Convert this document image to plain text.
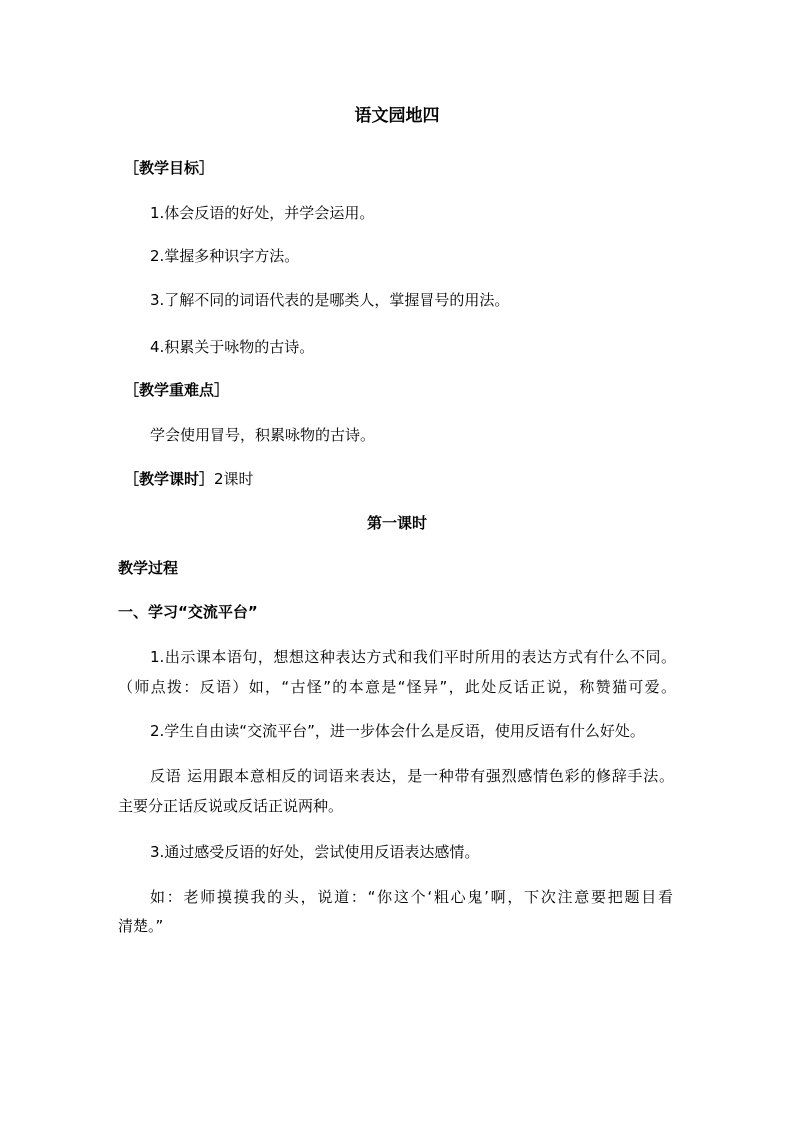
语文园地四
［教学目标］
1.体会反语的好处，并学会运用。
2.掌握多种识字方法。
3.了解不同的词语代表的是哪类人，掌握冒号的用法。
4.积累关于咏物的古诗。
［教学重难点］
学会使用冒号，积累咏物的古诗。
［教学课时］2课时
第一课时
教学过程
一、学习“交流平台”
1.出示课本语句，想想这种表达方式和我们平时所用的表达方式有什么不同。
（师点拨：反语）如，“古怪”的本意是“怪异”，此处反话正说，称赞猫可爱。
2.学生自由读“交流平台”，进一步体会什么是反语，使用反语有什么好处。
反语 运用跟本意相反的词语来表达，是一种带有强烈感情色彩的修辞手法。
主要分正话反说或反话正说两种。
3.通过感受反语的好处，尝试使用反语表达感情。
如：老师摸摸我的头，说道：“你这个‘粗心鬼’啊，下次注意要把题目看
清楚。”
